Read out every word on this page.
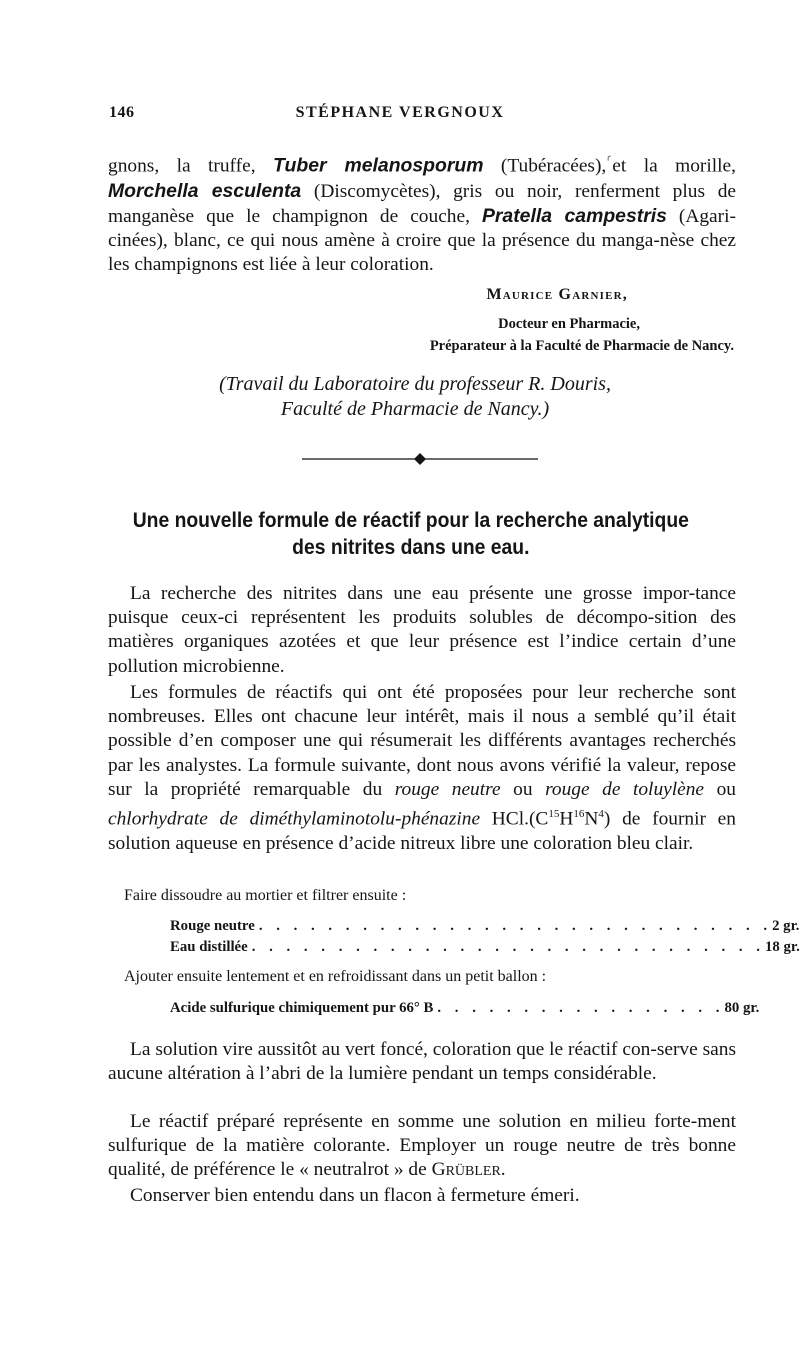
146	STÉPHANE VERGNOUX

gnons, la truffe, Tuber melanosporum (Tubéracées),⸂et la morille, Morchella esculenta (Discomycètes), gris ou noir, renferment plus de manganèse que le champignon de couche, Pratella campestris (Agari-cinées), blanc, ce qui nous amène à croire que la présence du manga-nèse chez les champignons est liée à leur coloration.

Maurice Garnier,
Docteur en Pharmacie,
Préparateur à la Faculté de Pharmacie de Nancy.
(Travail du Laboratoire du professeur R. Douris,
Faculté de Pharmacie de Nancy.)
Une nouvelle formule de réactif pour la recherche analytique
des nitrites dans une eau.
La recherche des nitrites dans une eau présente une grosse impor-tance puisque ceux-ci représentent les produits solubles de décompo-sition des matières organiques azotées et que leur présence est l’indice certain d’une pollution microbienne.

Les formules de réactifs qui ont été proposées pour leur recherche sont nombreuses. Elles ont chacune leur intérêt, mais il nous a semblé qu’il était possible d’en composer une qui résumerait les différents avantages recherchés par les analystes. La formule suivante, dont nous avons vérifié la valeur, repose sur la propriété remarquable du rouge neutre ou rouge de toluylène ou chlorhydrate de diméthylaminotolu-phénazine $HCl.(C^{15}H^{16}N^4)$ de fournir en solution aqueuse en présence d’acide nitreux libre une coloration bleu clair.

Faire dissoudre au mortier et filtrer ensuite :
Rouge neutre . . . . . . . . . . . . . . . . . . . . . . . . . . . . . . 2 gr.
Eau distillée . . . . . . . . . . . . . . . . . . . . . . . . . . . . . . 18 gr.
Ajouter ensuite lentement et en refroidissant dans un petit ballon :
Acide sulfurique chimiquement pur 66° B . . . . . . . . . . . . . . . . . 80 gr.
La solution vire aussitôt au vert foncé, coloration que le réactif con-serve sans aucune altération à l’abri de la lumière pendant un temps considérable.

Le réactif préparé représente en somme une solution en milieu forte-ment sulfurique de la matière colorante. Employer un rouge neutre de très bonne qualité, de préférence le « neutralrot » de Grübler.

Conserver bien entendu dans un flacon à fermeture émeri.
